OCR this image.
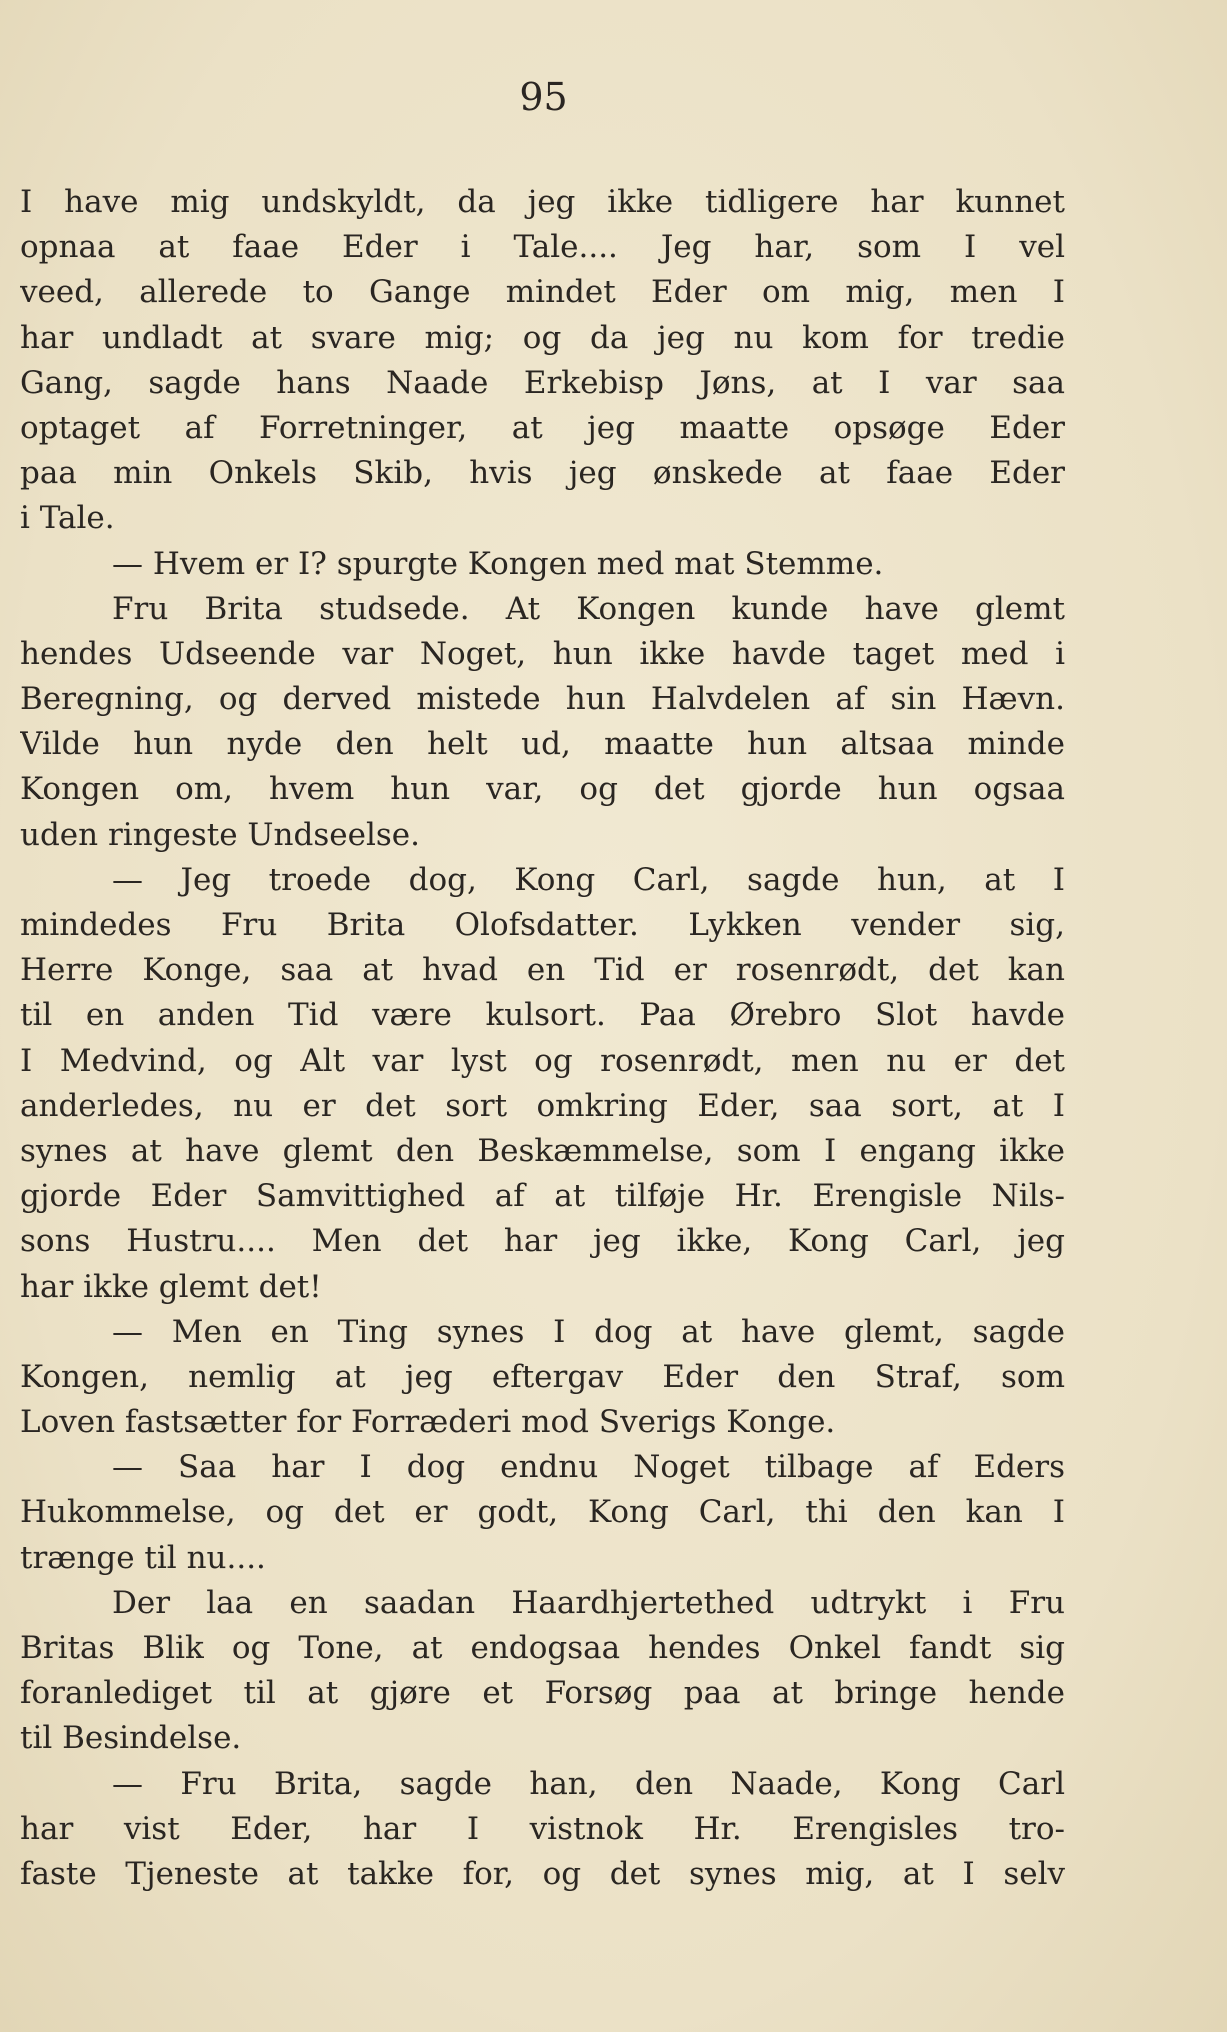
95
I have mig undskyldt, da jeg ikke tidligere har kunnet
opnaa at faae Eder i Tale.... Jeg har, som I vel
veed, allerede to Gange mindet Eder om mig, men I
har undladt at svare mig; og da jeg nu kom for tredie
Gang, sagde hans Naade Erkebisp Jøns, at I var saa
optaget af Forretninger, at jeg maatte opsøge Eder
paa min Onkels Skib, hvis jeg ønskede at faae Eder
i Tale.
— Hvem er I? spurgte Kongen med mat Stemme.
Fru Brita studsede. At Kongen kunde have glemt
hendes Udseende var Noget, hun ikke havde taget med i
Beregning, og derved mistede hun Halvdelen af sin Hævn.
Vilde hun nyde den helt ud, maatte hun altsaa minde
Kongen om, hvem hun var, og det gjorde hun ogsaa
uden ringeste Undseelse.
— Jeg troede dog, Kong Carl, sagde hun, at I
mindedes Fru Brita Olofsdatter. Lykken vender sig,
Herre Konge, saa at hvad en Tid er rosenrødt, det kan
til en anden Tid være kulsort. Paa Ørebro Slot havde
I Medvind, og Alt var lyst og rosenrødt, men nu er det
anderledes, nu er det sort omkring Eder, saa sort, at I
synes at have glemt den Beskæmmelse, som I engang ikke
gjorde Eder Samvittighed af at tilføje Hr. Erengisle Nils-
sons Hustru.... Men det har jeg ikke, Kong Carl, jeg
har ikke glemt det!
— Men en Ting synes I dog at have glemt, sagde
Kongen, nemlig at jeg eftergav Eder den Straf, som
Loven fastsætter for Forræderi mod Sverigs Konge.
— Saa har I dog endnu Noget tilbage af Eders
Hukommelse, og det er godt, Kong Carl, thi den kan I
trænge til nu....
Der laa en saadan Haardhjertethed udtrykt i Fru
Britas Blik og Tone, at endogsaa hendes Onkel fandt sig
foranlediget til at gjøre et Forsøg paa at bringe hende
til Besindelse.
— Fru Brita, sagde han, den Naade, Kong Carl
har vist Eder, har I vistnok Hr. Erengisles tro-
faste Tjeneste at takke for, og det synes mig, at I selv
